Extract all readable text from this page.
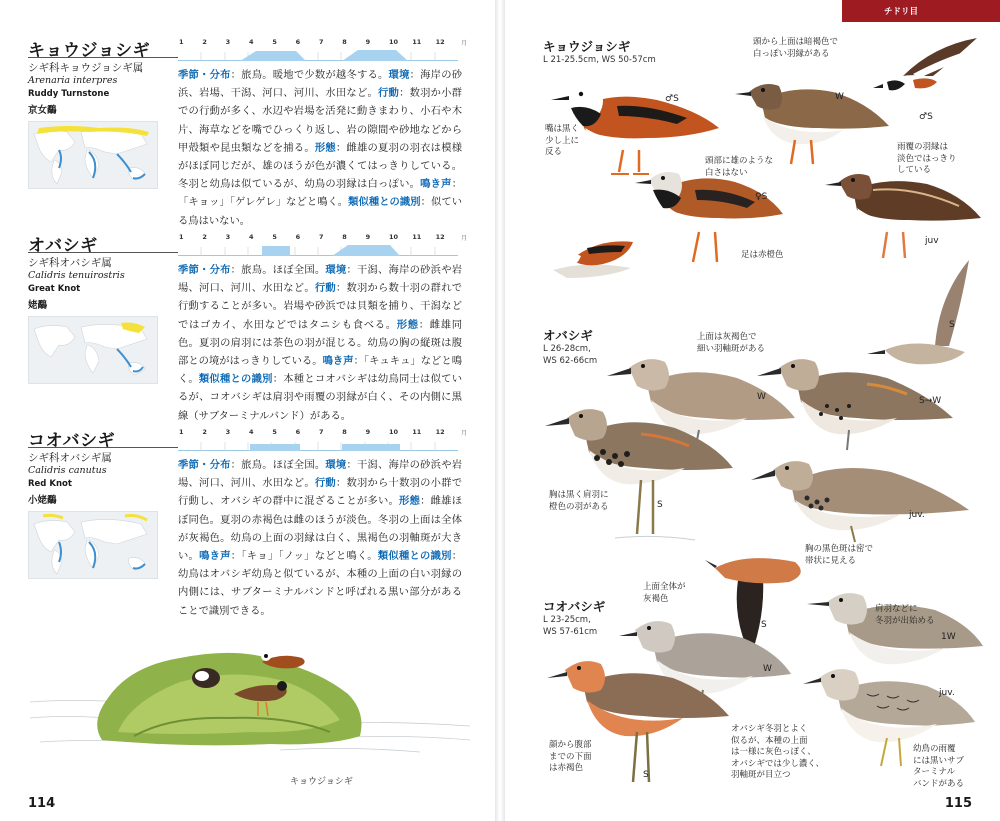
キョウジョシギ
シギ科キョウジョシギ属
Arenaria interpres
Ruddy Turnstone
京女鷸
1	2	3	4	5	6	7	8	9	10	11	12	月
季節・分布：旅鳥。暖地で少数が越冬する。環境：海岸の砂浜、岩場、干潟、河口、河川、水田など。行動：数羽か小群での行動が多く、水辺や岩場を活発に動きまわり、小石や木片、海草などを嘴でひっくり返し、岩の隙間や砂地などから甲殻類や昆虫類などを捕る。形態：雌雄の夏羽の羽衣は模様がほぼ同じだが、雄のほうが色が濃くてはっきりしている。冬羽と幼鳥は似ているが、幼鳥の羽縁は白っぽい。鳴き声：「キョッ」「ゲレゲレ」などと鳴く。類似種との識別：似ている鳥はいない。
オバシギ
シギ科オバシギ属
Calidris tenuirostris
Great Knot
姥鷸
1	2	3	4	5	6	7	8	9	10	11	12	月
季節・分布：旅鳥。ほぼ全国。環境：干潟、海岸の砂浜や岩場、河口、河川、水田など。行動：数羽から数十羽の群れで行動することが多い。岩場や砂浜では貝類を捕り、干潟などではゴカイ、水田などではタニシも食べる。形態：雌雄同色。夏羽の肩羽には茶色の羽が混じる。幼鳥の胸の縦斑は腹部との境がはっきりしている。鳴き声：「キュキュ」などと鳴く。類似種との識別：本種とコオバシギは幼鳥同士は似ているが、コオバシギは肩羽や雨覆の羽縁が白く、その内側に黒線（サブターミナルバンド）がある。
コオバシギ
シギ科オバシギ属
Calidris canutus
Red Knot
小姥鷸
1	2	3	4	5	6	7	8	9	10	11	12	月
季節・分布：旅鳥。ほぼ全国。環境：干潟、海岸の砂浜や岩場、河口、河川、水田など。行動：数羽から十数羽の小群で行動し、オバシギの群中に混ざることが多い。形態：雌雄ほぼ同色。夏羽の赤褐色は雌のほうが淡色。冬羽の上面は全体が灰褐色。幼鳥の上面の羽縁は白く、黒褐色の羽軸斑が大きい。鳴き声：「キョ」「ノッ」などと鳴く。類似種との識別：幼鳥はオバシギ幼鳥と似ているが、本種の上面の白い羽縁の内側には、サブターミナルバンドと呼ばれる黒い部分があることで識別できる。
キョウジョシギ
114
チドリ目
キョウジョシギ
L 21-25.5cm, WS 50-57cm
オバシギ
L 26-28cm,
WS 62-66cm
コオバシギ
L 23-25cm,
WS 57-61cm
嘴は黒く
少し上に
反る
♂S
頭から上面は暗褐色で
白っぽい羽縁がある
W
♂S
頭部に雄のような
白さはない
♀S
足は赤橙色
雨覆の羽縁は
淡色ではっきり
している
juv
上面は灰褐色で
細い羽軸斑がある
W	S→W
S
胸は黒く肩羽に
橙色の羽がある	S
juv.
胸の黒色斑は密で
帯状に見える
S
上面全体が
灰褐色
W
肩羽などに
冬羽が出始める
1W
顔から腹部
までの下面
は赤褐色
S
juv.
オバシギ冬羽とよく
似るが、本種の上面
は一様に灰色っぽく、
オバシギでは少し濃く、
羽軸斑が目立つ
幼鳥の雨覆
には黒いサブ
ターミナル
バンドがある
115
